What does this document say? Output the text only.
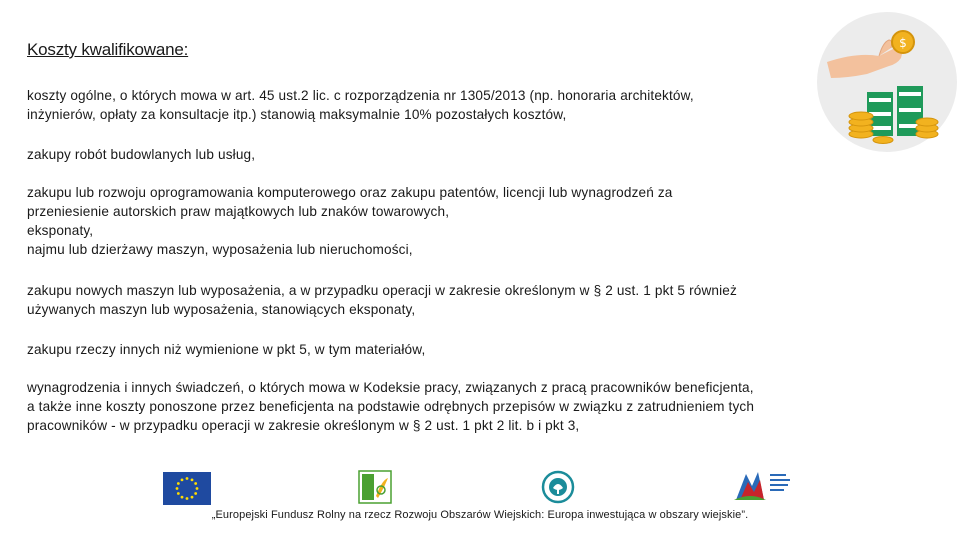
Koszty kwalifikowane:

koszty ogólne, o których mowa w art. 45 ust.2 lic. c rozporządzenia nr 1305/2013 (np. honoraria architektów,
inżynierów, opłaty za konsultacje itp.) stanowią maksymalnie 10% pozostałych kosztów,

zakupy robót budowlanych lub usług,

zakupu lub rozwoju oprogramowania komputerowego oraz zakupu patentów, licencji lub wynagrodzeń za
przeniesienie autorskich praw majątkowych lub znaków towarowych,
eksponaty,
najmu lub dzierżawy maszyn, wyposażenia lub nieruchomości,

zakupu nowych maszyn lub wyposażenia, a w przypadku operacji w zakresie określonym w § 2 ust. 1 pkt 5 również
używanych maszyn lub wyposażenia, stanowiących eksponaty,

zakupu rzeczy innych niż wymienione w pkt 5, w tym materiałów,

wynagrodzenia i innych świadczeń, o których mowa w Kodeksie pracy, związanych z pracą pracowników beneficjenta,
a także inne koszty ponoszone przez beneficjenta na podstawie odrębnych przepisów w związku z zatrudnieniem tych
pracowników - w przypadku operacji w zakresie określonym w § 2 ust. 1 pkt 2 lit. b i pkt 3,

$
„Europejski Fundusz Rolny na rzecz Rozwoju Obszarów Wiejskich: Europa inwestująca w obszary wiejskie”.
